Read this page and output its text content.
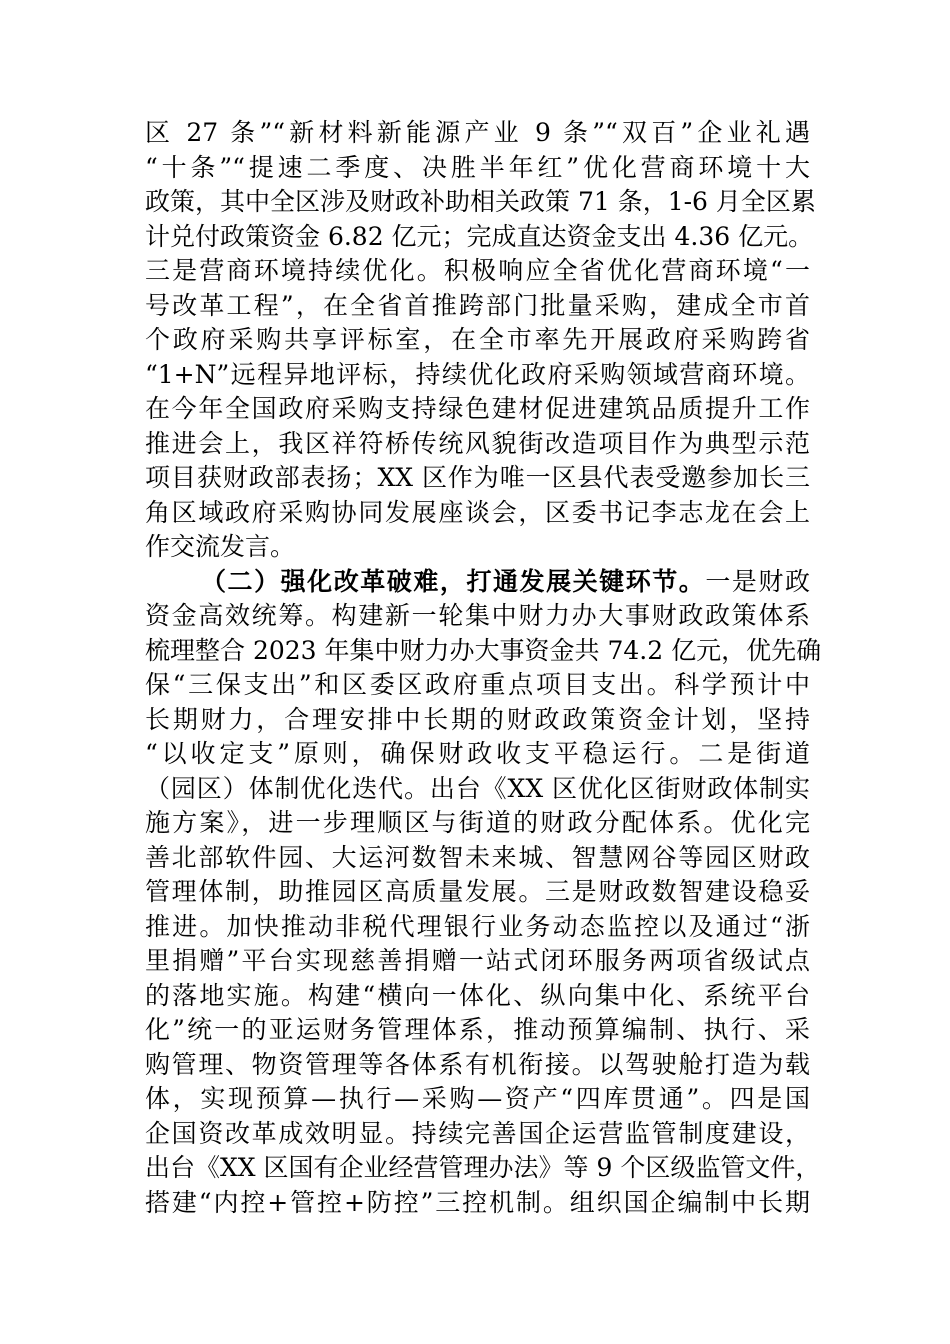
区 27 条”“新材料新能源产业 9 条”“双百”企业礼遇
“十条”“提速二季度、决胜半年红”优化营商环境十大
政策，其中全区涉及财政补助相关政策 71 条，1-6 月全区累
计兑付政策资金 6.82 亿元；完成直达资金支出 4.36 亿元。
三是营商环境持续优化。积极响应全省优化营商环境“一
号改革工程”，在全省首推跨部门批量采购，建成全市首
个政府采购共享评标室，在全市率先开展政府采购跨省
“1+N”远程异地评标，持续优化政府采购领域营商环境。
在今年全国政府采购支持绿色建材促进建筑品质提升工作
推进会上，我区祥符桥传统风貌街改造项目作为典型示范
项目获财政部表扬；XX 区作为唯一区县代表受邀参加长三
角区域政府采购协同发展座谈会，区委书记李志龙在会上
作交流发言。
（二）强化改革破难，打通发展关键环节。一是财政
资金高效统筹。构建新一轮集中财力办大事财政政策体系
梳理整合 2023 年集中财力办大事资金共 74.2 亿元，优先确
保“三保支出”和区委区政府重点项目支出。科学预计中
长期财力，合理安排中长期的财政政策资金计划，坚持
“以收定支”原则，确保财政收支平稳运行。二是街道
（园区）体制优化迭代。出台《XX 区优化区街财政体制实
施方案》，进一步理顺区与街道的财政分配体系。优化完
善北部软件园、大运河数智未来城、智慧网谷等园区财政
管理体制，助推园区高质量发展。三是财政数智建设稳妥
推进。加快推动非税代理银行业务动态监控以及通过“浙
里捐赠”平台实现慈善捐赠一站式闭环服务两项省级试点
的落地实施。构建“横向一体化、纵向集中化、系统平台
化”统一的亚运财务管理体系，推动预算编制、执行、采
购管理、物资管理等各体系有机衔接。以驾驶舱打造为载
体，实现预算—执行—采购—资产“四库贯通”。四是国
企国资改革成效明显。持续完善国企运营监管制度建设，
出台《XX 区国有企业经营管理办法》等 9 个区级监管文件，
搭建“内控+管控+防控”三控机制。组织国企编制中长期
